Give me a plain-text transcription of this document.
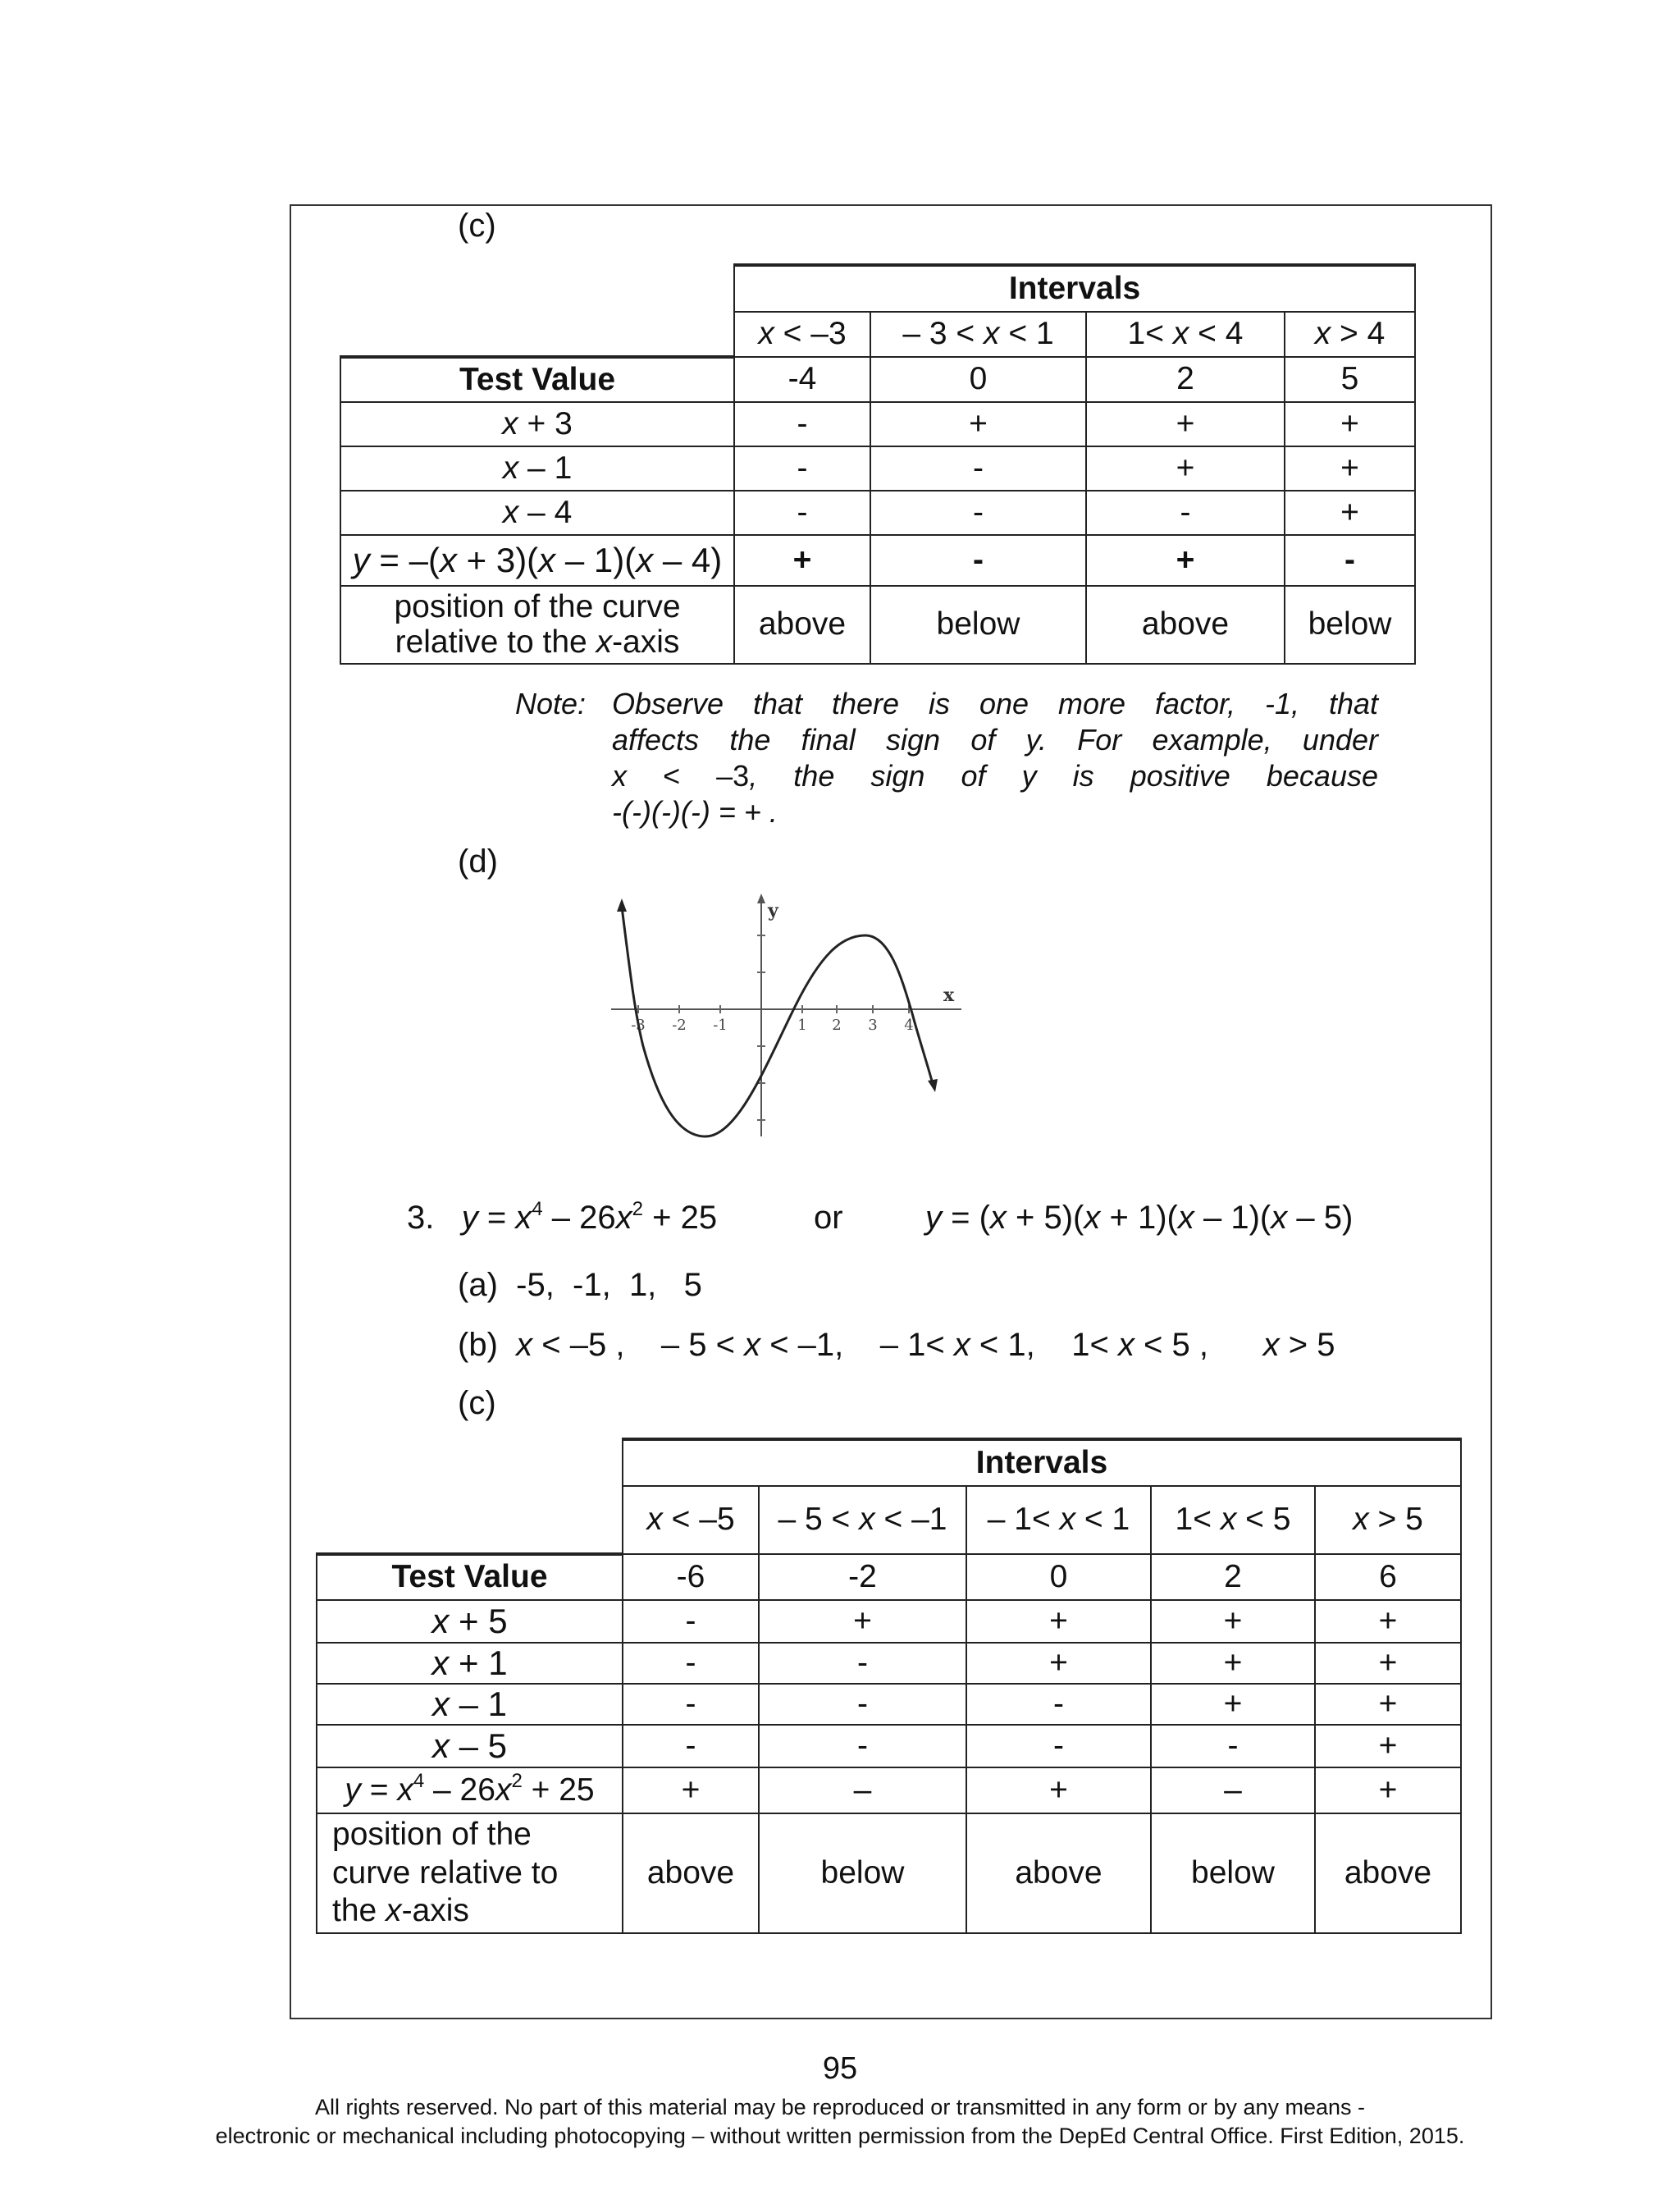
(c)
	Intervals			
	x < –3	– 3 < x < 1	1< x < 4	x > 4
Test Value	-4	0	2	5
x + 3	-	+	+	+
x – 1	-	-	+	+
x – 4	-	-	-	+
y = –(x + 3)(x – 1)(x – 4)	+	-	+	-
position of the curve
relative to the x-axis	above	below	above	below
Note: Observe that there is one more factor, -1, that
affects the final sign of y. For example, under
x < –3, the sign of y is positive because
-(-)(-)(-) = + .
(d)
x
y
-3 -2 -1	1 2 3 4
3. $y = x^4 - 26x^2 + 25$	or	y = (x + 5)(x + 1)(x – 1)(x – 5)
(a) -5,  -1,  1,   5
(b) x < –5 ,    – 5 < x < –1,    – 1< x < 1,    1< x < 5 ,      x > 5
(c)
	Intervals				
	x < –5	– 5 < x < –1	– 1< x < 1	1< x < 5	x > 5
Test Value	-6	-2	0	2	6
x + 5	-	+	+	+	+
x + 1	-	-	+	+	+
x – 1	-	-	-	+	+
x – 5	-	-	-	-	+
$y = x^4 - 26x^2 + 25$	+	–	+	–	+
position of the
curve relative to
the x-axis	above	below	above	below	above
95
All rights reserved. No part of this material may be reproduced or transmitted in any form or by any means -
electronic or mechanical including photocopying – without written permission from the DepEd Central Office. First Edition, 2015.
